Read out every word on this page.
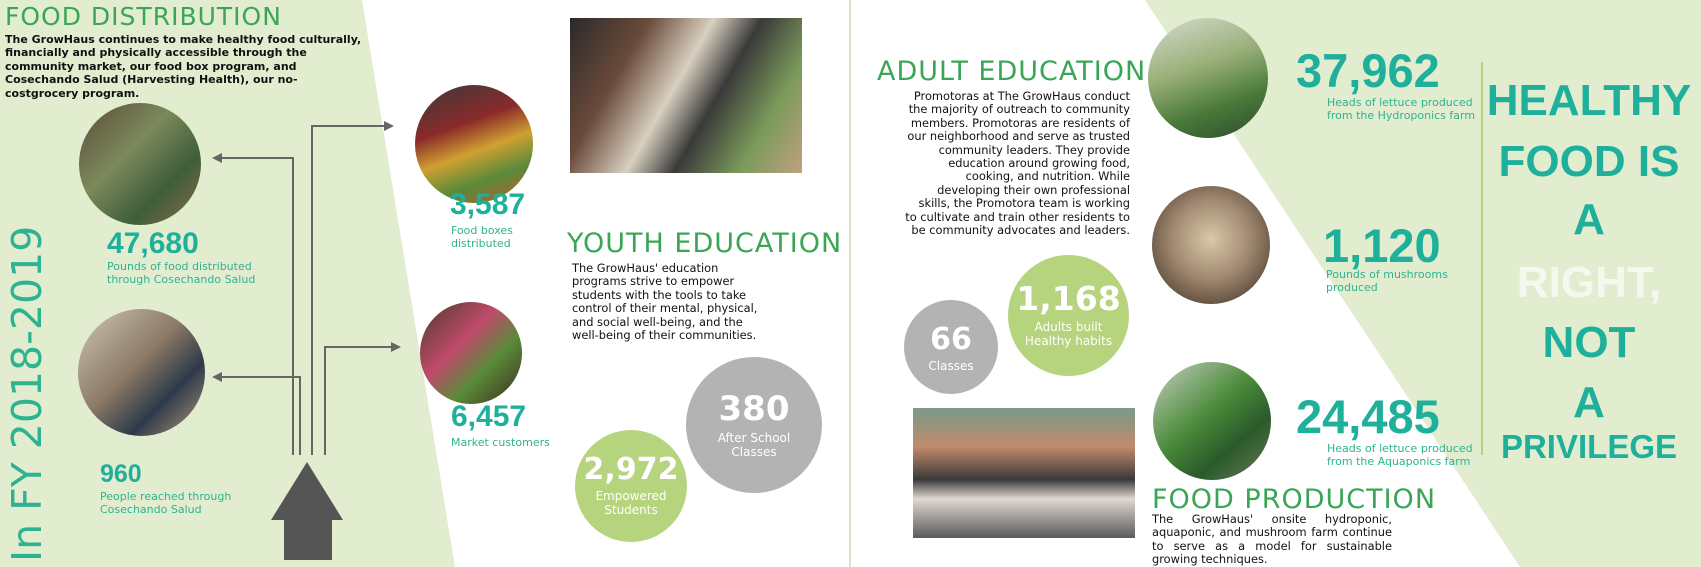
FOOD DISTRIBUTION
The GrowHaus continues to make healthy food culturally, financially and physically accessible through the community market, our food box program, and Cosechando Salud (Harvesting Health), our no-costgrocery program.
47,680
Pounds of food distributed through Cosechando Salud
960
People reached through Cosechando Salud
In FY 2018-2019
3,587
Food boxes distributed
6,457
Market customers
YOUTH EDUCATION
The GrowHaus' education programs strive to empower students with the tools to take control of their mental, physical, and social well-being, and the well-being of their communities.
380
After School Classes
2,972
Empowered Students
ADULT EDUCATION
Promotoras at The GrowHaus conduct the majority of outreach to community members. Promotoras are residents of our neighborhood and serve as trusted community leaders. They provide education around growing food, cooking, and nutrition. While developing their own professional skills, the Promotora team is working to cultivate and train other residents to be community advocates and leaders.
1,168
Adults built Healthy habits
66
Classes
FOOD PRODUCTION
The GrowHaus' onsite hydroponic, aquaponic, and mushroom farm continue to serve as a model for sustainable growing techniques.
37,962
Heads of lettuce produced from the Hydroponics farm
1,120
Pounds of mushrooms produced
24,485
Heads of lettuce produced from the Aquaponics farm
HEALTHY
FOOD IS
A
RIGHT,
NOT
A
PRIVILEGE
